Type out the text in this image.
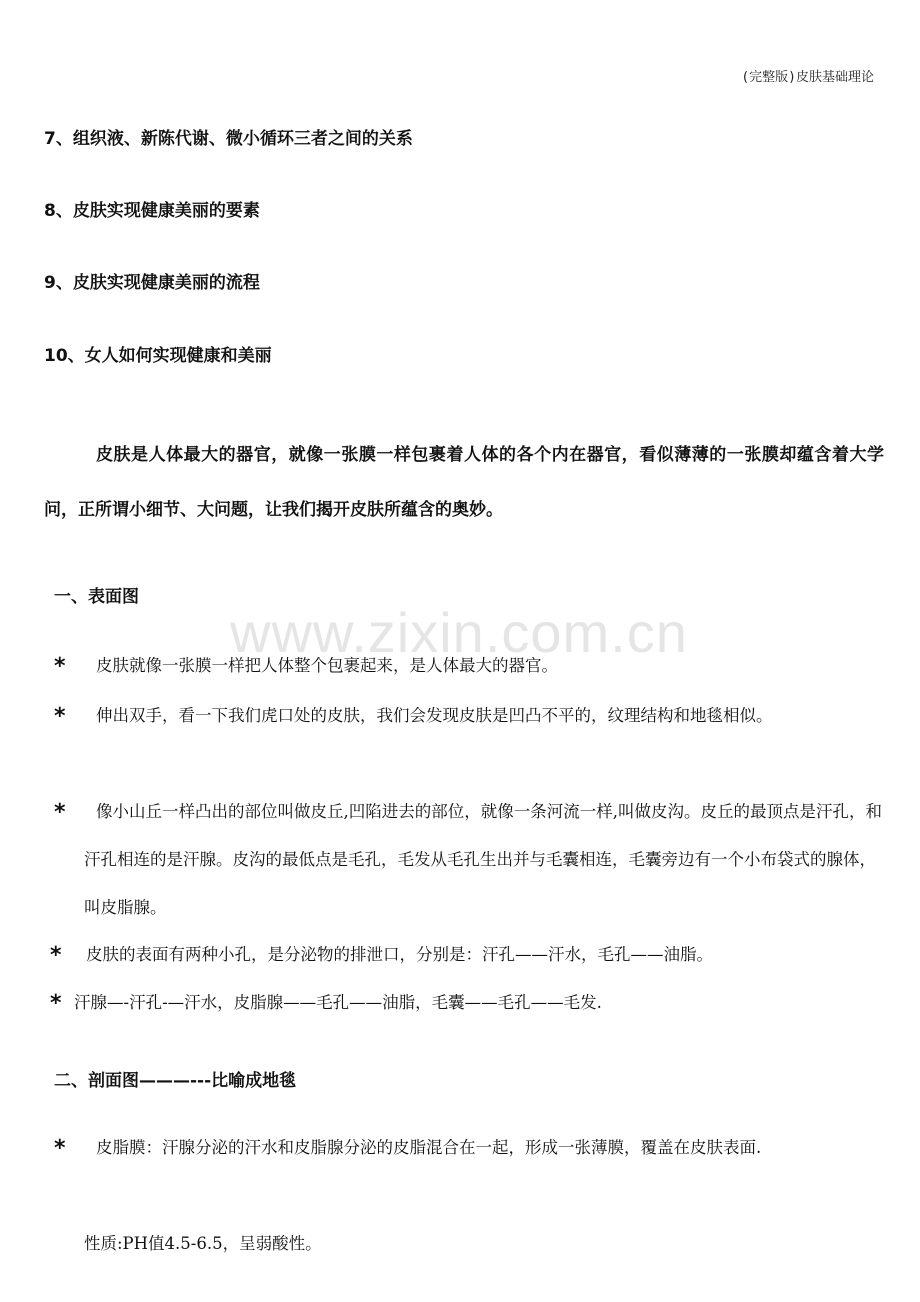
(完整版)皮肤基础理论
7、组织液、新陈代谢、微小循环三者之间的关系
8、皮肤实现健康美丽的要素
9、皮肤实现健康美丽的流程
10、女人如何实现健康和美丽
皮肤是人体最大的器官，就像一张膜一样包裹着人体的各个内在器官，看似薄薄的一张膜却蕴含着大学问，正所谓小细节、大问题，让我们揭开皮肤所蕴含的奥妙。
一、表面图
www.zixin.com.cn
* 皮肤就像一张膜一样把人体整个包裹起来，是人体最大的器官。
*	伸出双手，看一下我们虎口处的皮肤，我们会发现皮肤是凹凸不平的，纹理结构和地毯相似。
*	像小山丘一样凸出的部位叫做皮丘,凹陷进去的部位，就像一条河流一样,叫做皮沟。皮丘的最顶点是汗孔，和汗孔相连的是汗腺。皮沟的最低点是毛孔，毛发从毛孔生出并与毛囊相连，毛囊旁边有一个小布袋式的腺体，叫皮脂腺。
* 皮肤的表面有两种小孔，是分泌物的排泄口，分别是：汗孔——汗水，毛孔——油脂。
* 汗腺—-汗孔-—汗水，皮脂腺——毛孔——油脂，毛囊——毛孔——毛发.
二、剖面图———---比喻成地毯
*	皮脂膜：汗腺分泌的汗水和皮脂腺分泌的皮脂混合在一起，形成一张薄膜，覆盖在皮肤表面.
性质:PH值4.5-6.5，呈弱酸性。
